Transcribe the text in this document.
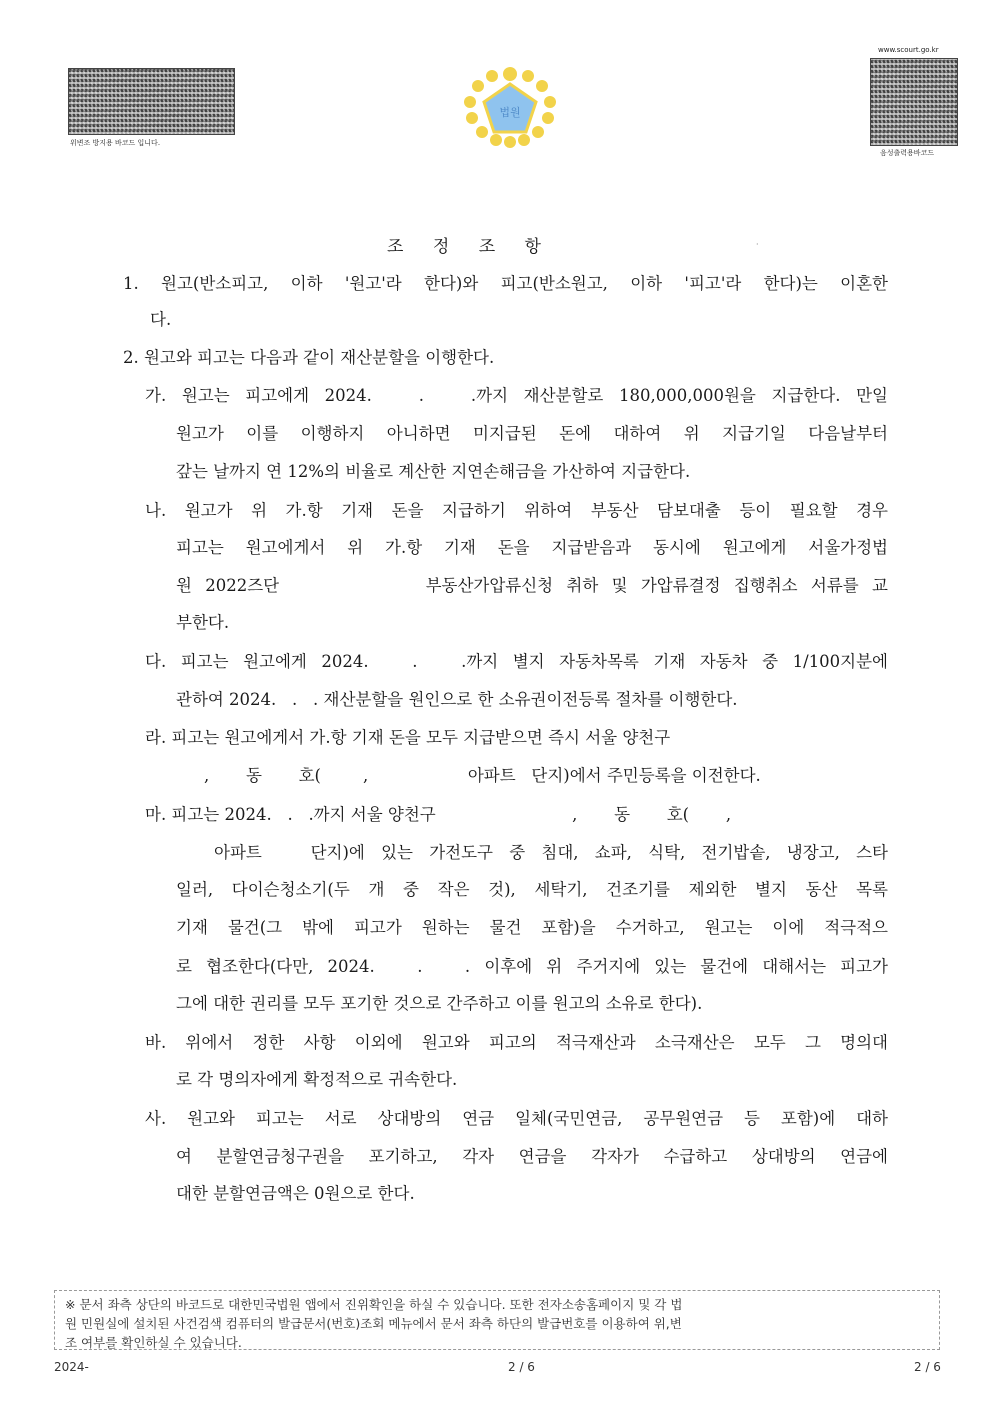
위변조 방지용 바코드 입니다.
www.scourt.go.kr
음성출력용바코드
법원
조 정 조 항	·
1. 원고(반소피고, 이하 '원고'라 한다)와 피고(반소원고, 이하 '피고'라 한다)는 이혼한
다.
2. 원고와 피고는 다음과 같이 재산분할을 이행한다.
가. 원고는 피고에게 2024.   .   .까지 재산분할로 180,000,000원을 지급한다. 만일
원고가 이를 이행하지 아니하면 미지급된 돈에 대하여 위 지급기일 다음날부터
갚는 날까지 연 12%의 비율로 계산한 지연손해금을 가산하여 지급한다.
나. 원고가 위 가.항 기재 돈을 지급하기 위하여 부동산 담보대출 등이 필요할 경우
피고는 원고에게서 위 가.항 기재 돈을 지급받음과 동시에 원고에게 서울가정법
원 2022즈단           부동산가압류신청 취하 및 가압류결정 집행취소 서류를 교
부한다.
다. 피고는 원고에게 2024.   .   .까지 별지 자동차목록 기재 자동차 중 1/100지분에
관하여 2024.   .   . 재산분할을 원인으로 한 소유권이전등록 절차를 이행한다.
라. 피고는 원고에게서 가.항 기재 돈을 모두 지급받으면 즉시 서울 양천구
,       동       호(        ,                   아파트   단지)에서 주민등록을 이전한다.
마. 피고는 2024.   .   .까지 서울 양천구                          ,       동       호(       ,
아파트   단지)에 있는 가전도구 중 침대, 쇼파, 식탁, 전기밥솥, 냉장고, 스타
일러, 다이슨청소기(두 개 중 작은 것), 세탁기, 건조기를 제외한 별지 동산 목록
기재 물건(그 밖에 피고가 원하는 물건 포함)을 수거하고, 원고는 이에 적극적으
로 협조한다(다만, 2024.   .   . 이후에 위 주거지에 있는 물건에 대해서는 피고가
그에 대한 권리를 모두 포기한 것으로 간주하고 이를 원고의 소유로 한다).
바. 위에서 정한 사항 이외에 원고와 피고의 적극재산과 소극재산은 모두 그 명의대
로 각 명의자에게 확정적으로 귀속한다.
사. 원고와 피고는 서로 상대방의 연금 일체(국민연금, 공무원연금 등 포함)에 대하
여 분할연금청구권을 포기하고, 각자 연금을 각자가 수급하고 상대방의 연금에
대한 분할연금액은 0원으로 한다.
※ 문서 좌측 상단의 바코드로 대한민국법원 앱에서 진위확인을 하실 수 있습니다. 또한 전자소송홈페이지 및 각 법
원 민원실에 설치된 사건검색 컴퓨터의 발급문서(번호)조회 메뉴에서 문서 좌측 하단의 발급번호를 이용하여 위,변
조 여부를 확인하실 수 있습니다.
2024-	2 / 6	2 / 6
